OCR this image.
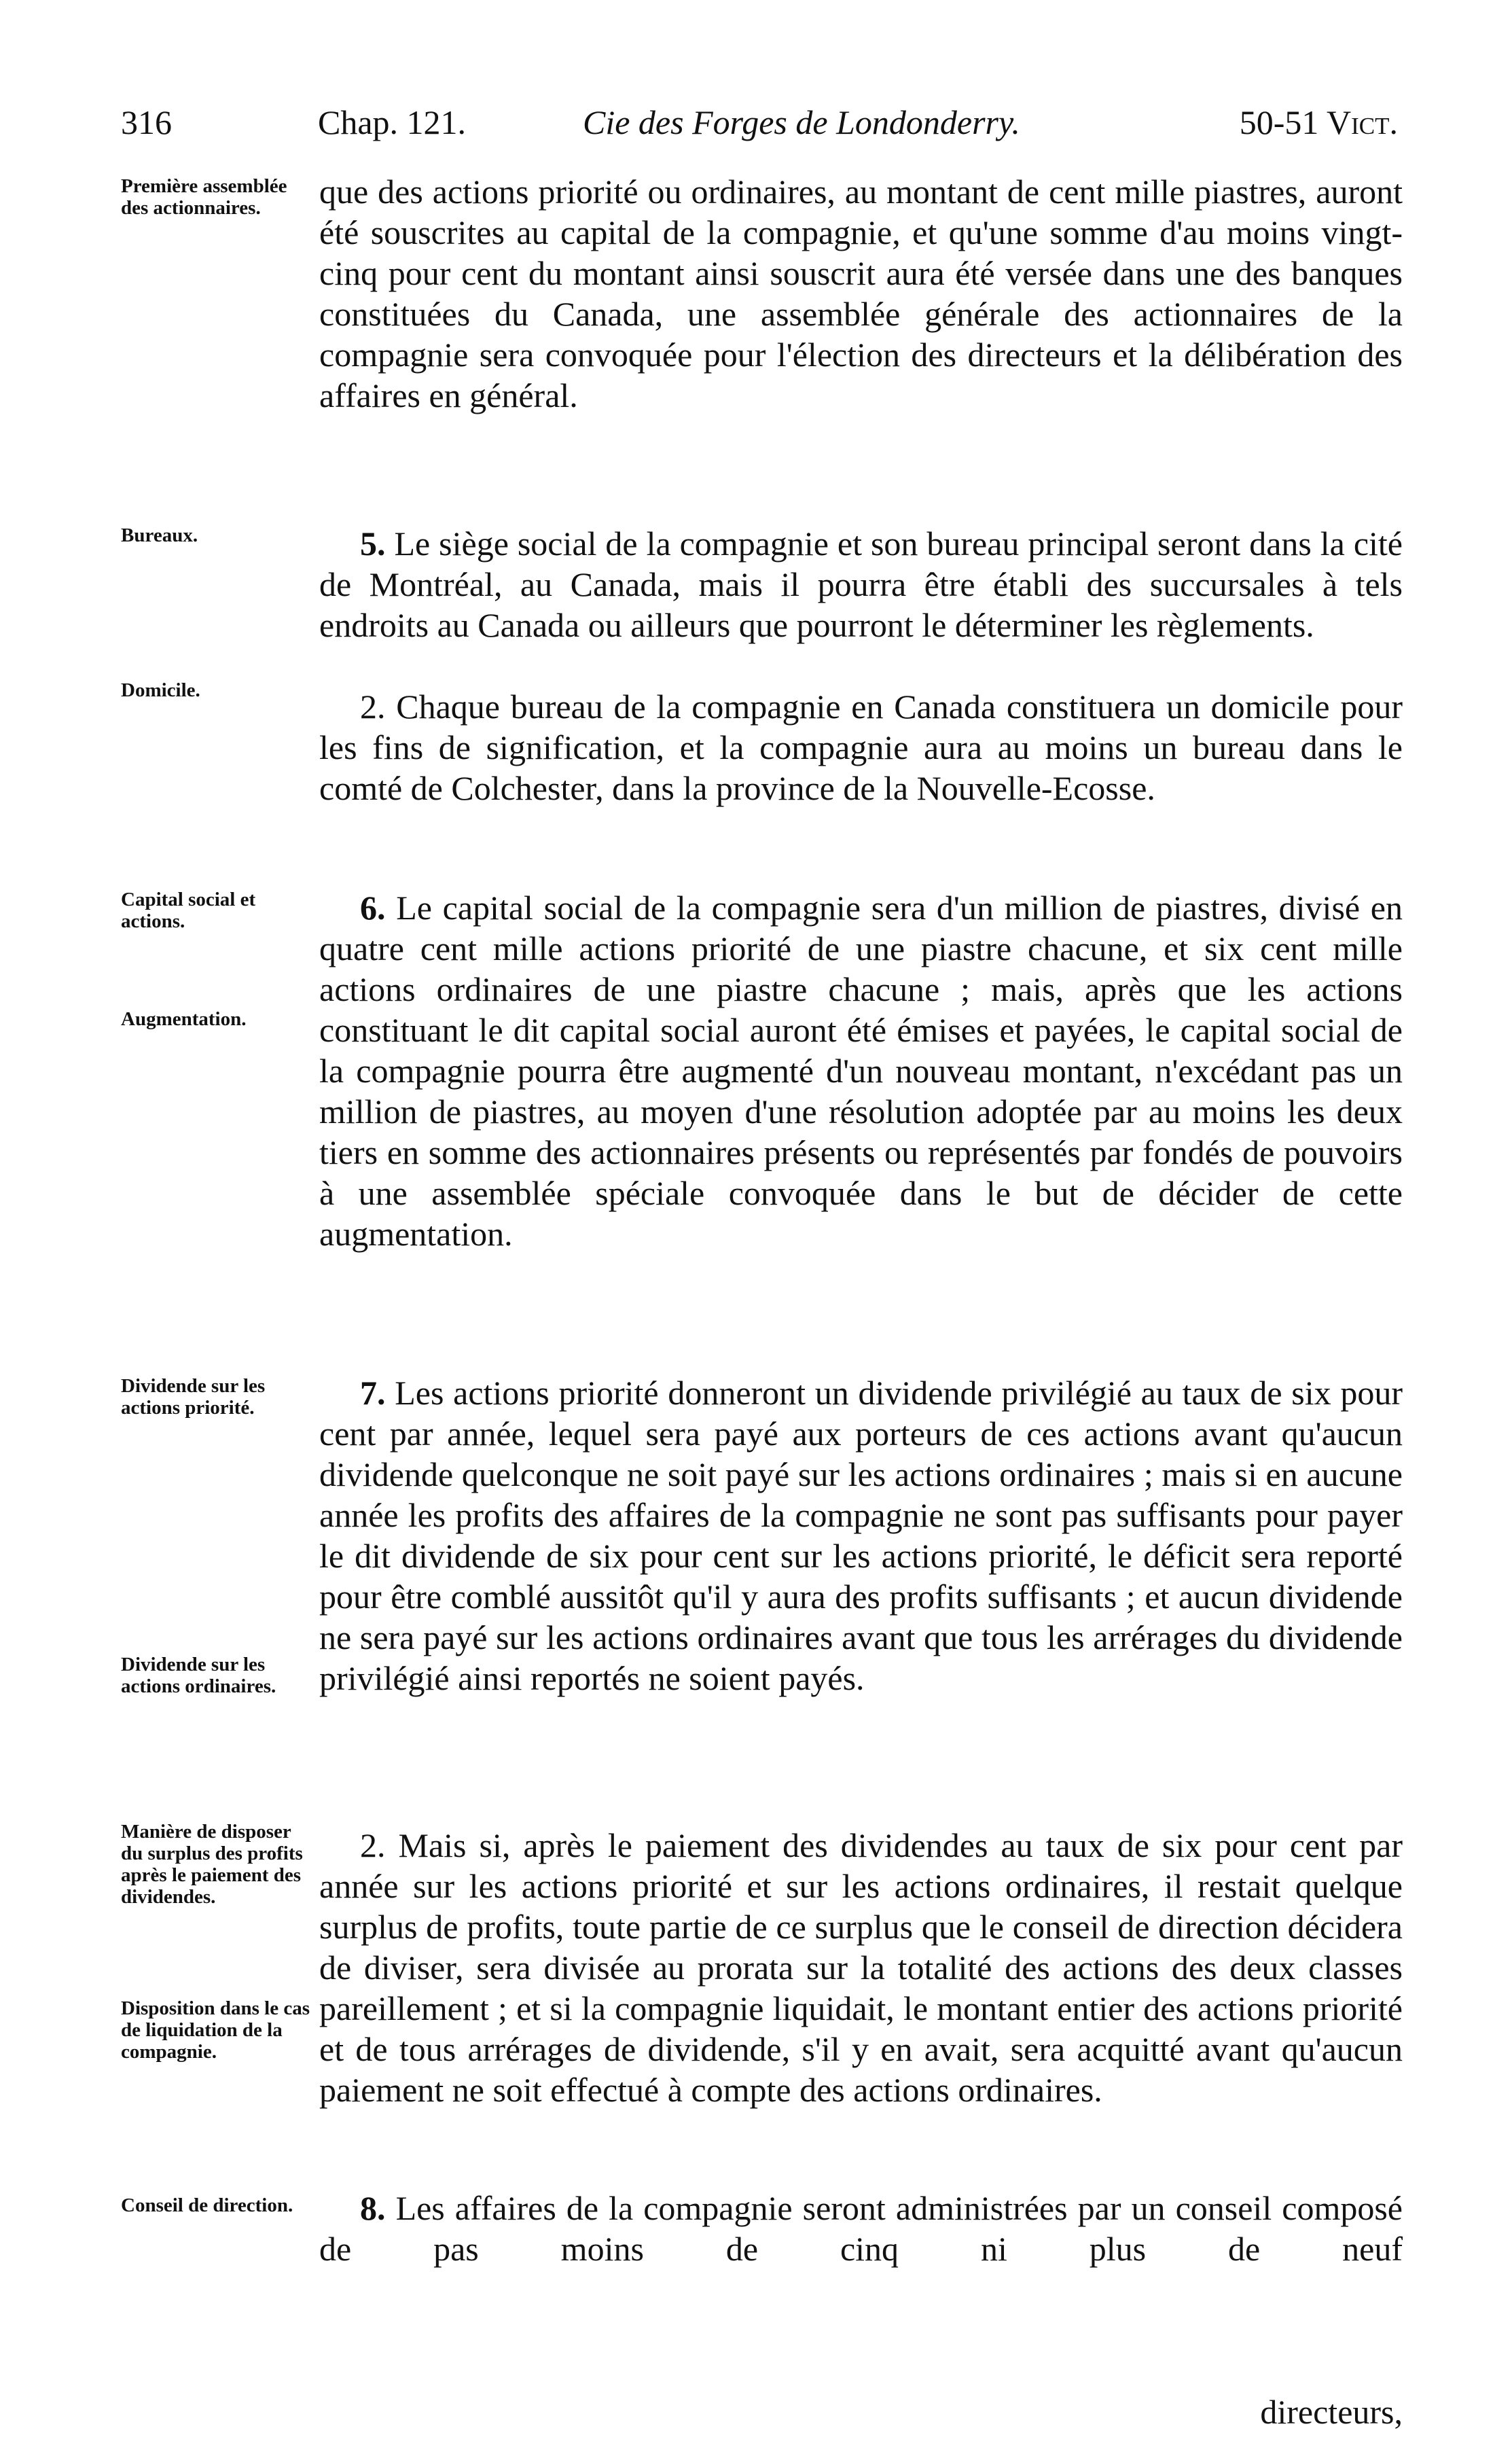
316	Chap. 121.	Cie des Forges de Londonderry.	50-51 Vict.

Première assemblée des actionnaires.

Bureaux.

Domicile.

Capital social et actions.

Augmentation.

Dividende sur les actions priorité.

Dividende sur les actions ordinaires.

Manière de disposer du surplus des profits après le paiement des dividendes.

Disposition dans le cas de liquidation de la compagnie.

Conseil de direction.

que des actions priorité ou ordinaires, au montant de cent mille piastres, auront été souscrites au capital de la compagnie, et qu'une somme d'au moins vingt-cinq pour cent du montant ainsi souscrit aura été versée dans une des banques constituées du Canada, une assemblée générale des actionnaires de la compagnie sera convoquée pour l'élection des directeurs et la délibération des affaires en général.

5. Le siège social de la compagnie et son bureau principal seront dans la cité de Montréal, au Canada, mais il pourra être établi des succursales à tels endroits au Canada ou ailleurs que pourront le déterminer les règlements.

2. Chaque bureau de la compagnie en Canada constituera un domicile pour les fins de signification, et la compagnie aura au moins un bureau dans le comté de Colchester, dans la province de la Nouvelle-Ecosse.

6. Le capital social de la compagnie sera d'un million de piastres, divisé en quatre cent mille actions priorité de une piastre chacune, et six cent mille actions ordinaires de une piastre chacune ; mais, après que les actions constituant le dit capital social auront été émises et payées, le capital social de la compagnie pourra être augmenté d'un nouveau montant, n'excédant pas un million de piastres, au moyen d'une résolution adoptée par au moins les deux tiers en somme des actionnaires présents ou représentés par fondés de pouvoirs à une assemblée spéciale convoquée dans le but de décider de cette augmentation.

7. Les actions priorité donneront un dividende privilégié au taux de six pour cent par année, lequel sera payé aux porteurs de ces actions avant qu'aucun dividende quelconque ne soit payé sur les actions ordinaires ; mais si en aucune année les profits des affaires de la compagnie ne sont pas suffisants pour payer le dit dividende de six pour cent sur les actions priorité, le déficit sera reporté pour être comblé aussitôt qu'il y aura des profits suffisants ; et aucun dividende ne sera payé sur les actions ordinaires avant que tous les arrérages du dividende privilégié ainsi reportés ne soient payés.

2. Mais si, après le paiement des dividendes au taux de six pour cent par année sur les actions priorité et sur les actions ordinaires, il restait quelque surplus de profits, toute partie de ce surplus que le conseil de direction décidera de diviser, sera divisée au prorata sur la totalité des actions des deux classes pareillement ; et si la compagnie liquidait, le montant entier des actions priorité et de tous arrérages de dividende, s'il y en avait, sera acquitté avant qu'aucun paiement ne soit effectué à compte des actions ordinaires.

8. Les affaires de la compagnie seront administrées par un conseil composé de pas moins de cinq ni plus de neuf

directeurs,
